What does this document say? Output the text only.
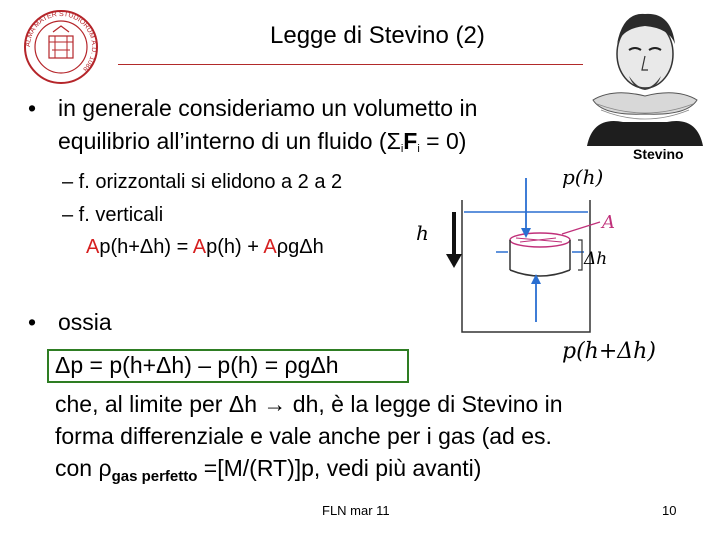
ALMA MATER STUDIORUM A.D. 1088
Legge di Stevino (2)
Stevino
• in generale consideriamo un volumetto in
equilibrio all’interno di un fluido $(\Sigma_iF_i = 0)$
– f. orizzontali si elidono a 2 a 2
– f. verticali
Ap(h+Δh) = Ap(h) + AρgΔh
p(h)
h	A
Δh
p(h+Δh)
• ossia
Δp = p(h+Δh) – p(h) = ρgΔh
che, al limite per Δh → dh, è la legge di Stevino in
forma differenziale e vale anche per i gas (ad es.
con $\rho_{gas perfetto} =[M/(RT)]p$, vedi più avanti)
FLN mar 11	10
